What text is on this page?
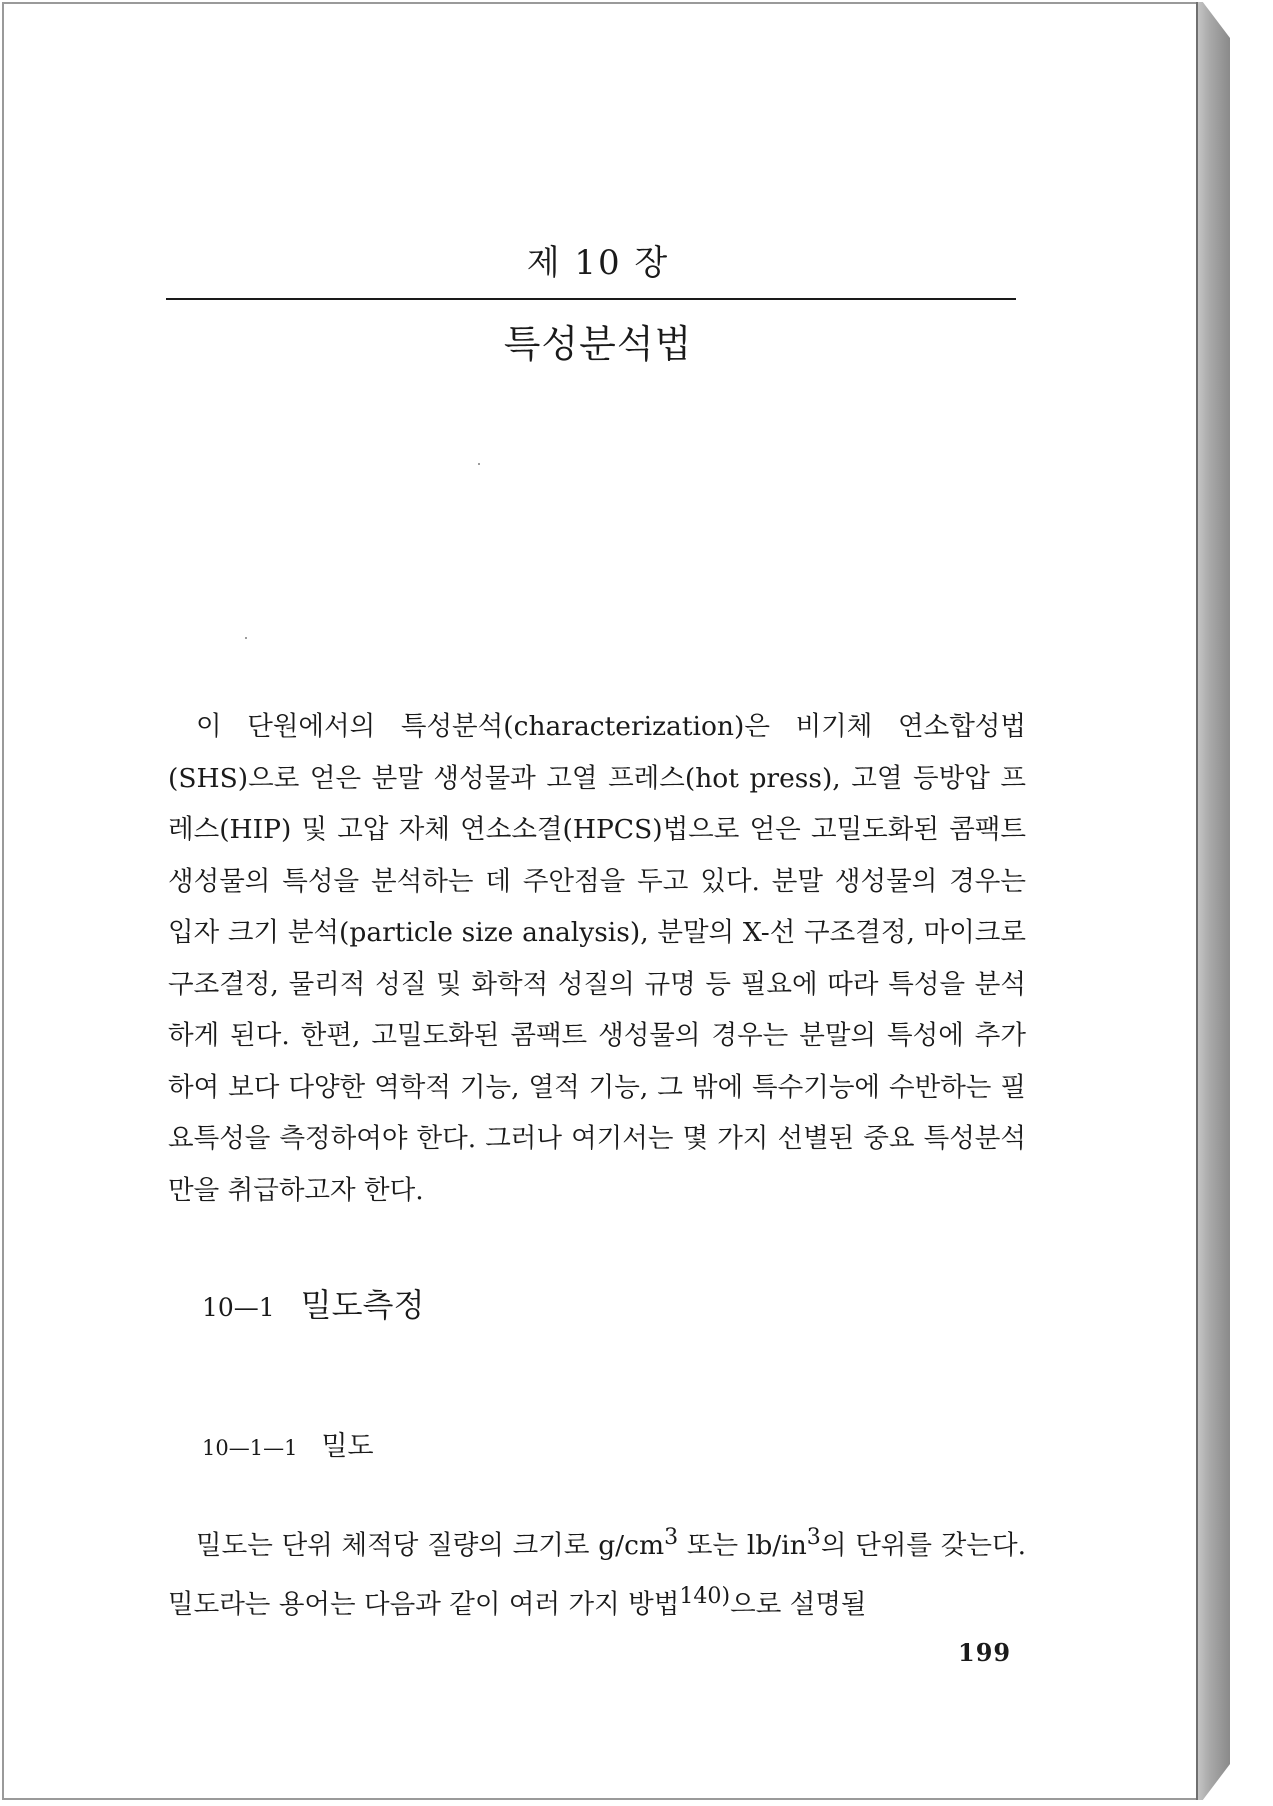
제 10 장
특성분석법

이 단원에서의 특성분석(characterization)은 비기체 연소합성법(SHS)으로 얻은 분말 생성물과 고열 프레스(hot press), 고열 등방압 프레스(HIP) 및 고압 자체 연소소결(HPCS)법으로 얻은 고밀도화된 콤팩트 생성물의 특성을 분석하는 데 주안점을 두고 있다. 분말 생성물의 경우는 입자 크기 분석(particle size analysis), 분말의 X-선 구조결정, 마이크로 구조결정, 물리적 성질 및 화학적 성질의 규명 등 필요에 따라 특성을 분석하게 된다. 한편, 고밀도화된 콤팩트 생성물의 경우는 분말의 특성에 추가하여 보다 다양한 역학적 기능, 열적 기능, 그 밖에 특수기능에 수반하는 필요특성을 측정하여야 한다. 그러나 여기서는 몇 가지 선별된 중요 특성분석만을 취급하고자 한다.

10—1 밀도측정
10—1—1 밀도

밀도는 단위 체적당 질량의 크기로 $g/cm^3$ 또는 $lb/in^3$의 단위를 갖는다. 밀도라는 용어는 다음과 같이 여러 가지 방법$^{140)}$으로 설명될

199
